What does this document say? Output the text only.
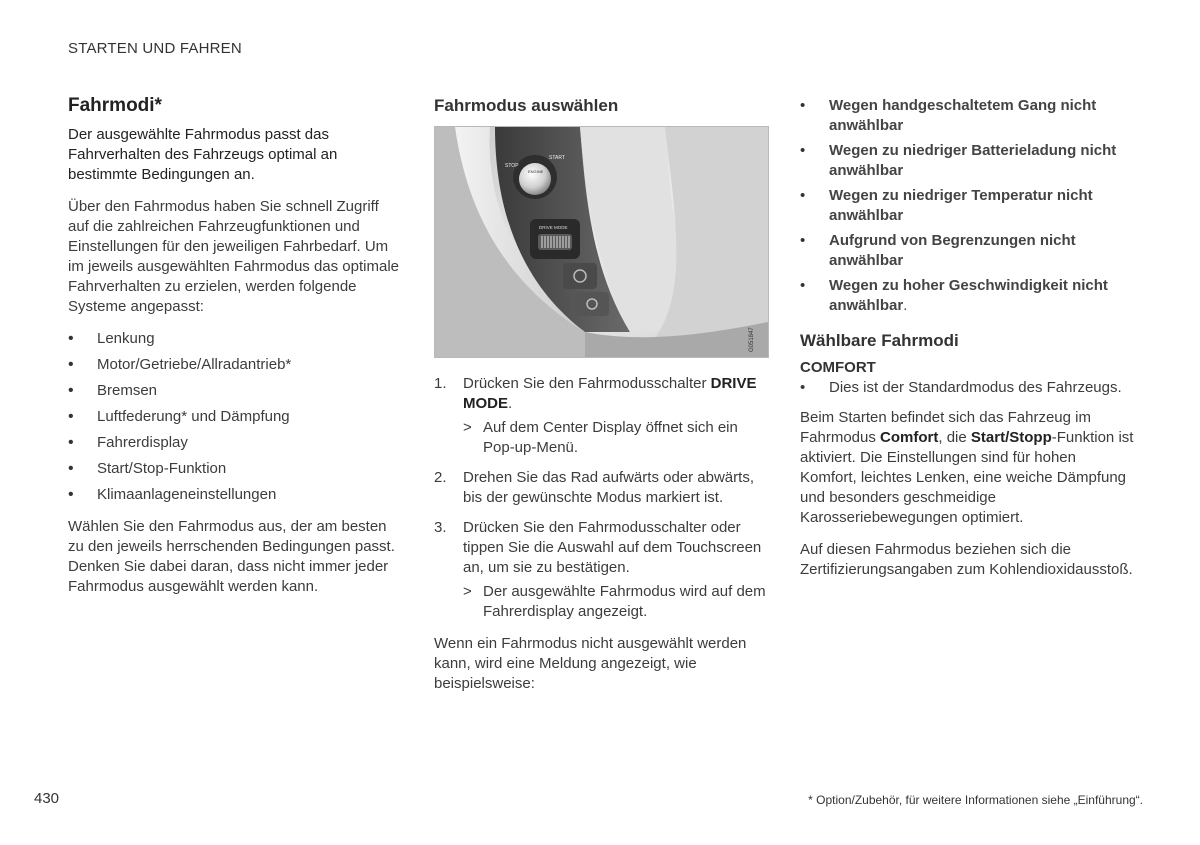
STARTEN UND FAHREN
Fahrmodi*

Der ausgewählte Fahrmodus passt das Fahrverhalten des Fahrzeugs optimal an bestimmte Bedingungen an.

Über den Fahrmodus haben Sie schnell Zugriff auf die zahlreichen Fahrzeugfunktionen und Einstellungen für den jeweiligen Fahrbedarf. Um im jeweils ausgewählten Fahrmodus das optimale Fahrverhalten zu erzielen, werden folgende Systeme angepasst:

• Lenkung
• Motor/Getriebe/Allradantrieb*
• Bremsen
• Luftfederung* und Dämpfung
• Fahrerdisplay
• Start/Stop-Funktion
• Klimaanlageneinstellungen

Wählen Sie den Fahrmodus aus, der am besten zu den jeweils herrschenden Bedingungen passt. Denken Sie dabei daran, dass nicht immer jeder Fahrmodus ausgewählt werden kann.

Fahrmodus auswählen
STOP
START
ENGINE
DRIVE MODE
G051847
1. Drücken Sie den Fahrmodusschalter DRIVE MODE.
> Auf dem Center Display öffnet sich ein Pop-up-Menü.
2. Drehen Sie das Rad aufwärts oder abwärts, bis der gewünschte Modus markiert ist.
3. Drücken Sie den Fahrmodusschalter oder tippen Sie die Auswahl auf dem Touchscreen an, um sie zu bestätigen.
> Der ausgewählte Fahrmodus wird auf dem Fahrerdisplay angezeigt.

Wenn ein Fahrmodus nicht ausgewählt werden kann, wird eine Meldung angezeigt, wie beispielsweise:

• Wegen handgeschaltetem Gang nicht anwählbar
• Wegen zu niedriger Batterieladung nicht anwählbar
• Wegen zu niedriger Temperatur nicht anwählbar
• Aufgrund von Begrenzungen nicht anwählbar
• Wegen zu hoher Geschwindigkeit nicht anwählbar.
Wählbare Fahrmodi
COMFORT
• Dies ist der Standardmodus des Fahrzeugs.

Beim Starten befindet sich das Fahrzeug im Fahrmodus Comfort, die Start/Stopp-Funktion ist aktiviert. Die Einstellungen sind für hohen Komfort, leichtes Lenken, eine weiche Dämpfung und besonders geschmeidige Karosseriebewegungen optimiert.

Auf diesen Fahrmodus beziehen sich die Zertifizierungsangaben zum Kohlendioxidausstoß.

430	* Option/Zubehör, für weitere Informationen siehe „Einführung“.
